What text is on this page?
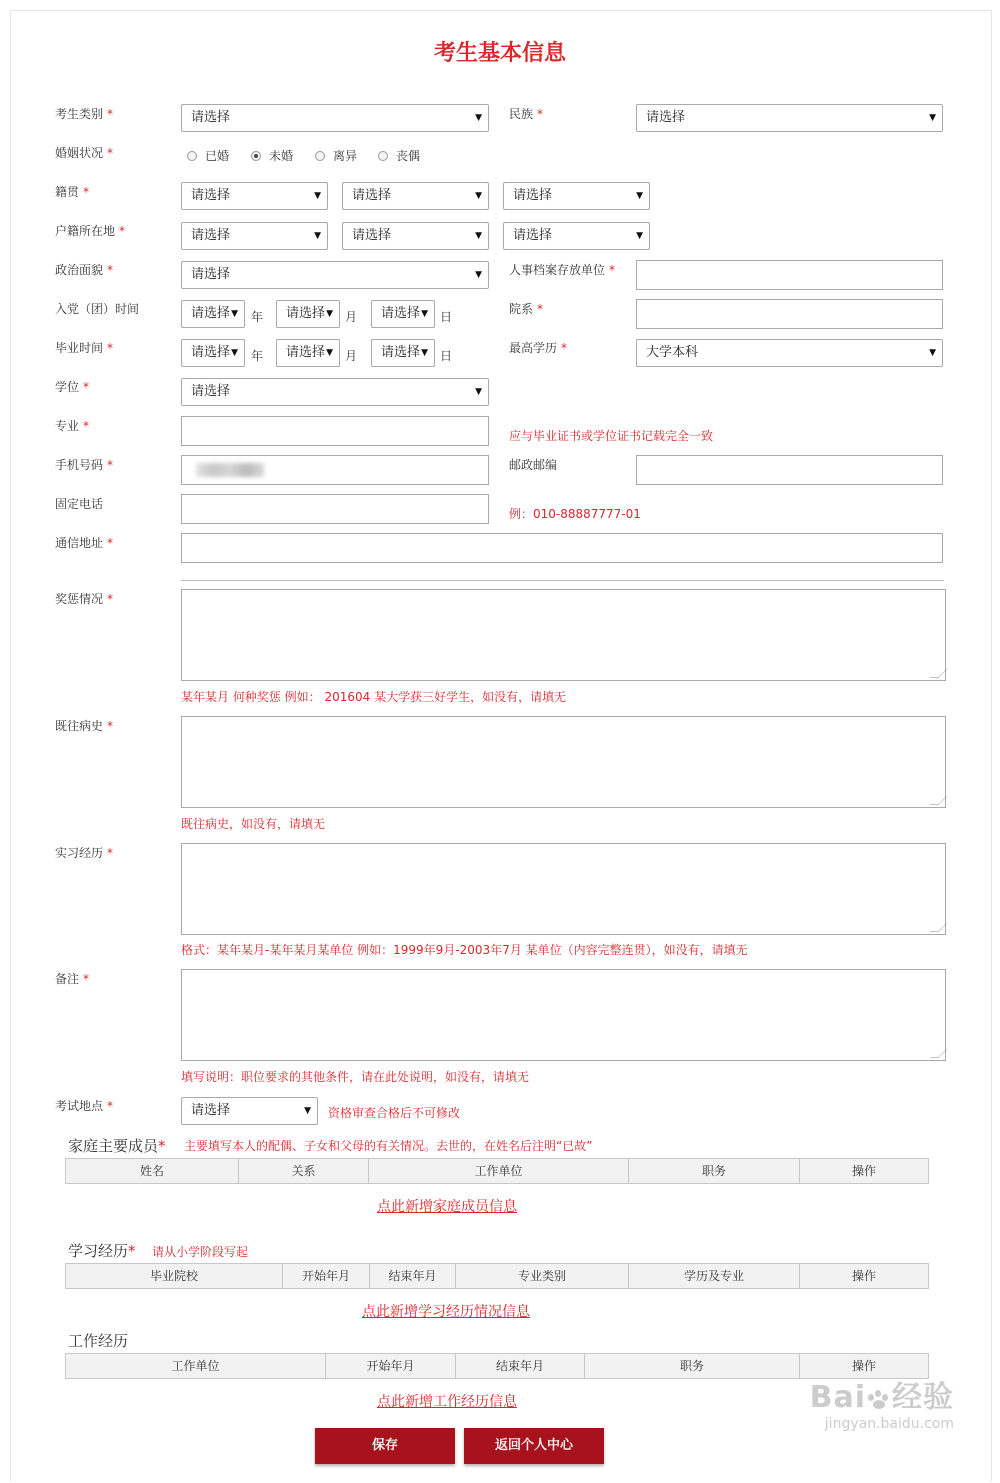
考生基本信息
考生类别 *	请选择	▼ 民族 *	请选择	▼
婚姻状况 *	已婚	未婚	离异	丧偶
籍贯 *	请选择	▼	请选择	▼	请选择	▼
户籍所在地 *	请选择	▼	请选择	▼	请选择	▼
政治面貌 *	请选择	▼ 人事档案存放单位 *
入党（团）时间	请选择 ▼ 年	请选择 ▼ 月	请选择 ▼ 日
院系 *
毕业时间 *	请选择 ▼ 年	请选择 ▼ 月	请选择 ▼ 日
最高学历 *	大学本科	▼
学位 *	请选择	▼
专业 *
应与毕业证书或学位证书记载完全一致
手机号码 *	邮政邮编
固定电话
例：010-88887777-01
通信地址 *
奖惩情况 *
某年某月 何种奖惩 例如： 201604 某大学获三好学生，如没有，请填无
既往病史 *
既往病史，如没有，请填无
实习经历 *
格式：某年某月-某年某月某单位 例如：1999年9月-2003年7月 某单位（内容完整连贯），如没有，请填无
备注 *
填写说明：职位要求的其他条件，请在此处说明，如没有，请填无
考试地点 *	请选择	▼ 资格审查合格后不可修改
家庭主要成员* 主要填写本人的配偶、子女和父母的有关情况。去世的，在姓名后注明“已故”
姓名	关系	工作单位	职务	操作
点此新增家庭成员信息
学习经历* 请从小学阶段写起
毕业院校	开始年月	结束年月	专业类别	学历及专业	操作
点此新增学习经历情况信息
工作经历
工作单位	开始年月	结束年月	职务	操作
点此新增工作经历信息
保存	返回个人中心
Bai 经验
jingyan.baidu.com
